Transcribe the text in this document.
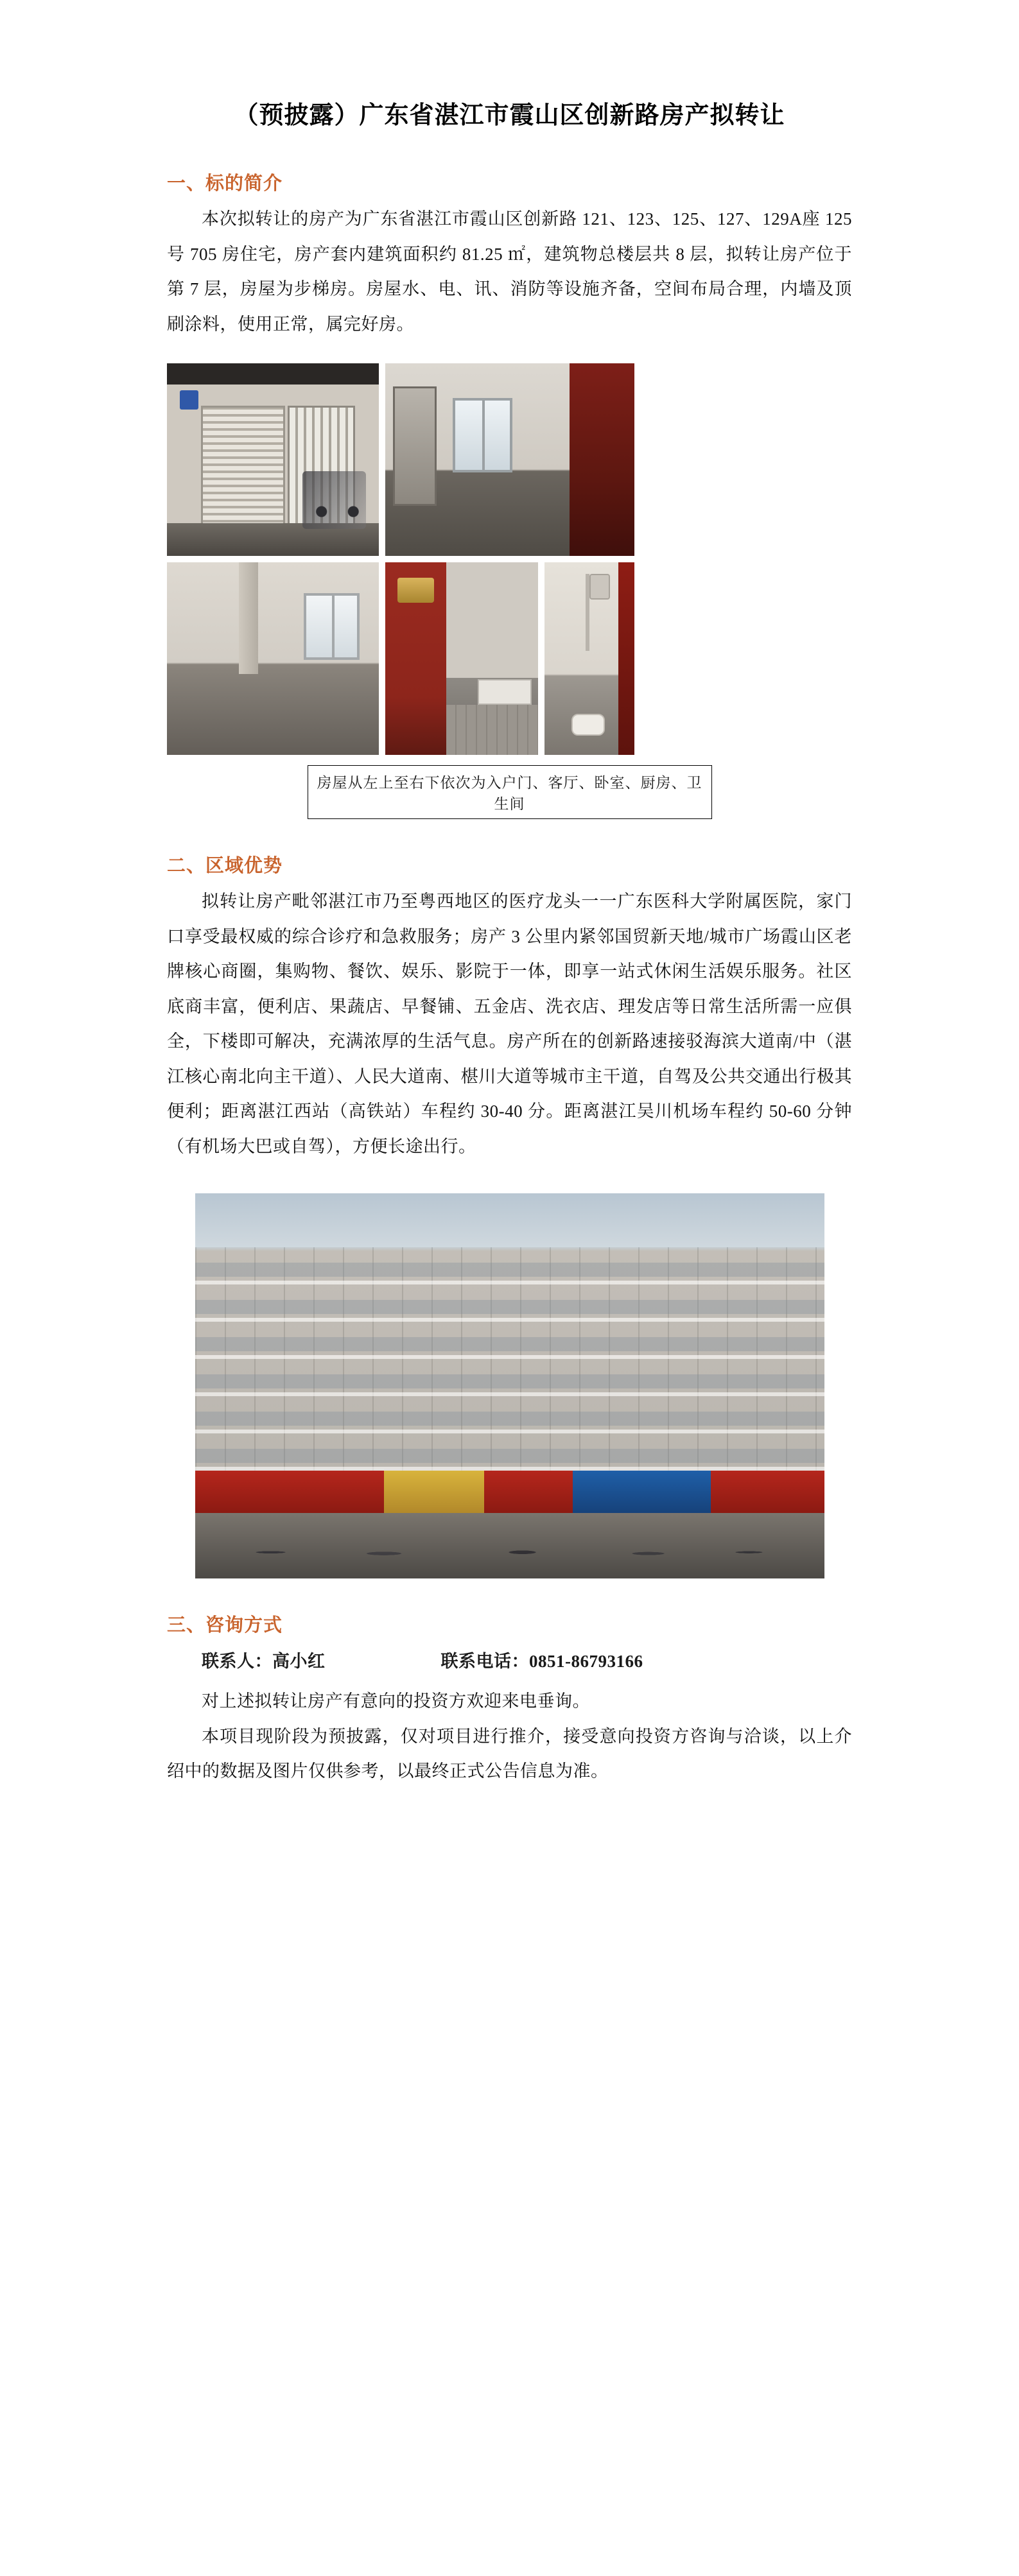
（预披露）广东省湛江市霞山区创新路房产拟转让
一、标的简介

本次拟转让的房产为广东省湛江市霞山区创新路 121、123、125、127、129A座 125 号 705 房住宅，房产套内建筑面积约 81.25 ㎡，建筑物总楼层共 8 层，拟转让房产位于第 7 层，房屋为步梯房。房屋水、电、讯、消防等设施齐备，空间布局合理，内墙及顶刷涂料，使用正常，属完好房。

房屋从左上至右下依次为入户门、客厅、卧室、厨房、卫生间
二、区域优势

拟转让房产毗邻湛江市乃至粤西地区的医疗龙头一一广东医科大学附属医院，家门口享受最权威的综合诊疗和急救服务；房产 3 公里内紧邻国贸新天地/城市广场霞山区老牌核心商圈，集购物、餐饮、娱乐、影院于一体，即享一站式休闲生活娱乐服务。社区底商丰富，便利店、果蔬店、早餐铺、五金店、洗衣店、理发店等日常生活所需一应俱全，下楼即可解决，充满浓厚的生活气息。房产所在的创新路速接驳海滨大道南/中（湛江核心南北向主干道）、人民大道南、椹川大道等城市主干道，自驾及公共交通出行极其便利；距离湛江西站（高铁站）车程约 30-40 分。距离湛江吴川机场车程约 50-60 分钟（有机场大巴或自驾），方便长途出行。

三、咨询方式
联系人：高小红	联系电话：0851-86793166

对上述拟转让房产有意向的投资方欢迎来电垂询。

本项目现阶段为预披露，仅对项目进行推介，接受意向投资方咨询与洽谈，以上介绍中的数据及图片仅供参考，以最终正式公告信息为准。
